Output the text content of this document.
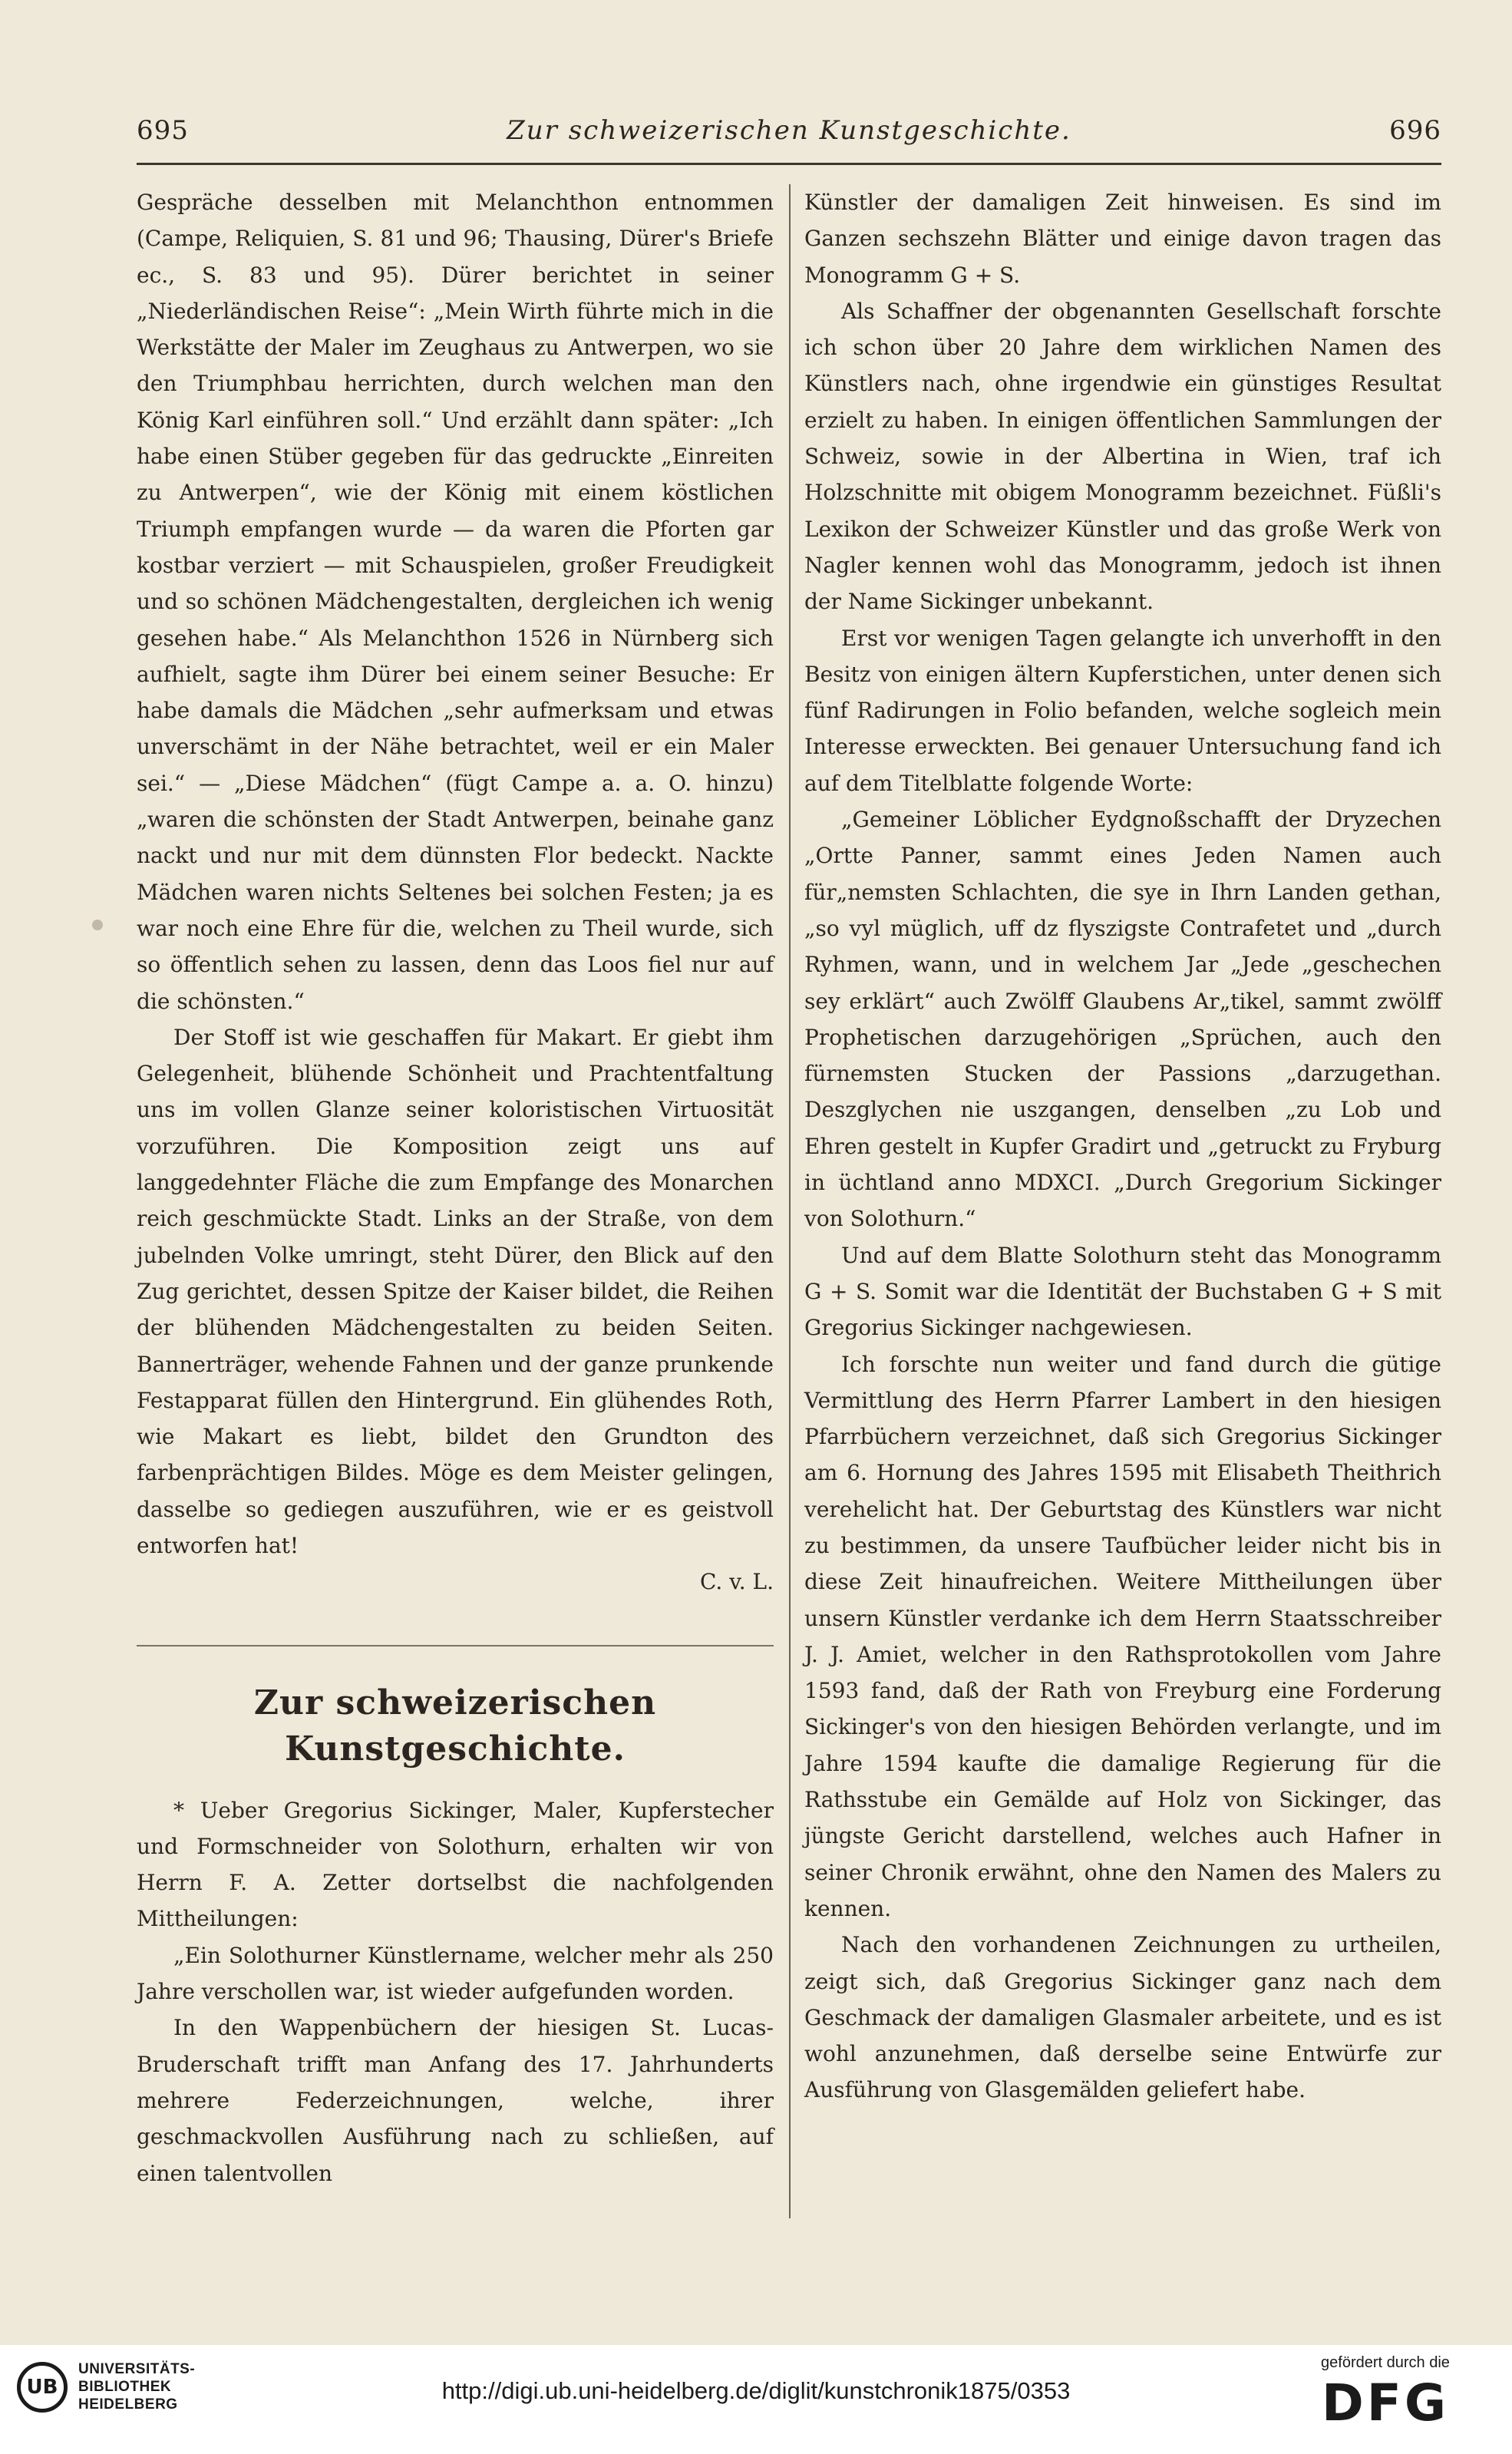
695	Zur schweizerischen Kunstgeschichte.	696

Gespräche desselben mit Melanchthon entnommen (Campe, Reliquien, S. 81 und 96; Thausing, Dürer's Briefe ec., S. 83 und 95). Dürer berichtet in seiner „Niederländischen Reise“: „Mein Wirth führte mich in die Werkstätte der Maler im Zeughaus zu Antwerpen, wo sie den Triumphbau herrichten, durch welchen man den König Karl einführen soll.“ Und erzählt dann später: „Ich habe einen Stüber gegeben für das gedruckte „Einreiten zu Antwerpen“, wie der König mit einem köstlichen Triumph empfangen wurde — da waren die Pforten gar kostbar verziert — mit Schauspielen, großer Freudigkeit und so schönen Mädchengestalten, dergleichen ich wenig gesehen habe.“ Als Melanchthon 1526 in Nürnberg sich aufhielt, sagte ihm Dürer bei einem seiner Besuche: Er habe damals die Mädchen „sehr aufmerksam und etwas unverschämt in der Nähe betrachtet, weil er ein Maler sei.“ — „Diese Mädchen“ (fügt Campe a. a. O. hinzu) „waren die schönsten der Stadt Antwerpen, beinahe ganz nackt und nur mit dem dünnsten Flor bedeckt. Nackte Mädchen waren nichts Seltenes bei solchen Festen; ja es war noch eine Ehre für die, welchen zu Theil wurde, sich so öffentlich sehen zu lassen, denn das Loos fiel nur auf die schönsten.“

Der Stoff ist wie geschaffen für Makart. Er giebt ihm Gelegenheit, blühende Schönheit und Prachtentfaltung uns im vollen Glanze seiner koloristischen Virtuosität vorzuführen. Die Komposition zeigt uns auf langgedehnter Fläche die zum Empfange des Monarchen reich geschmückte Stadt. Links an der Straße, von dem jubelnden Volke umringt, steht Dürer, den Blick auf den Zug gerichtet, dessen Spitze der Kaiser bildet, die Reihen der blühenden Mädchengestalten zu beiden Seiten. Bannerträger, wehende Fahnen und der ganze prunkende Festapparat füllen den Hintergrund. Ein glühendes Roth, wie Makart es liebt, bildet den Grundton des farbenprächtigen Bildes. Möge es dem Meister gelingen, dasselbe so gediegen auszuführen, wie er es geistvoll entworfen hat!

C. v. L.

Zur schweizerischen Kunstgeschichte.

* Ueber Gregorius Sickinger, Maler, Kupferstecher und Formschneider von Solothurn, erhalten wir von Herrn F. A. Zetter dortselbst die nachfolgenden Mittheilungen:

„Ein Solothurner Künstlername, welcher mehr als 250 Jahre verschollen war, ist wieder aufgefunden worden.

In den Wappenbüchern der hiesigen St. Lucas-Bruderschaft trifft man Anfang des 17. Jahrhunderts mehrere Federzeichnungen, welche, ihrer geschmackvollen Ausführung nach zu schließen, auf einen talentvollen

Künstler der damaligen Zeit hinweisen. Es sind im Ganzen sechszehn Blätter und einige davon tragen das Monogramm G + S.

Als Schaffner der obgenannten Gesellschaft forschte ich schon über 20 Jahre dem wirklichen Namen des Künstlers nach, ohne irgendwie ein günstiges Resultat erzielt zu haben. In einigen öffentlichen Sammlungen der Schweiz, sowie in der Albertina in Wien, traf ich Holzschnitte mit obigem Monogramm bezeichnet. Füßli's Lexikon der Schweizer Künstler und das große Werk von Nagler kennen wohl das Monogramm, jedoch ist ihnen der Name Sickinger unbekannt.

Erst vor wenigen Tagen gelangte ich unverhofft in den Besitz von einigen ältern Kupferstichen, unter denen sich fünf Radirungen in Folio befanden, welche sogleich mein Interesse erweckten. Bei genauer Untersuchung fand ich auf dem Titelblatte folgende Worte:

„Gemeiner Löblicher Eydgnoßschafft der Dryzechen „Ortte Panner, sammt eines Jeden Namen auch für„nemsten Schlachten, die sye in Ihrn Landen gethan, „so vyl müglich, uff dz flyszigste Contrafetet und „durch Ryhmen, wann, und in welchem Jar „Jede „geschechen sey erklärt“ auch Zwölff Glaubens Ar„tikel, sammt zwölff Prophetischen darzugehörigen „Sprüchen, auch den fürnemsten Stucken der Passions „darzugethan. Deszglychen nie uszgangen, denselben „zu Lob und Ehren gestelt in Kupfer Gradirt und „getruckt zu Fryburg in üchtland anno MDXCI. „Durch Gregorium Sickinger von Solothurn.“

Und auf dem Blatte Solothurn steht das Monogramm G + S. Somit war die Identität der Buchstaben G + S mit Gregorius Sickinger nachgewiesen.

Ich forschte nun weiter und fand durch die gütige Vermittlung des Herrn Pfarrer Lambert in den hiesigen Pfarrbüchern verzeichnet, daß sich Gregorius Sickinger am 6. Hornung des Jahres 1595 mit Elisabeth Theithrich verehelicht hat. Der Geburtstag des Künstlers war nicht zu bestimmen, da unsere Taufbücher leider nicht bis in diese Zeit hinaufreichen. Weitere Mittheilungen über unsern Künstler verdanke ich dem Herrn Staatsschreiber J. J. Amiet, welcher in den Rathsprotokollen vom Jahre 1593 fand, daß der Rath von Freyburg eine Forderung Sickinger's von den hiesigen Behörden verlangte, und im Jahre 1594 kaufte die damalige Regierung für die Rathsstube ein Gemälde auf Holz von Sickinger, das jüngste Gericht darstellend, welches auch Hafner in seiner Chronik erwähnt, ohne den Namen des Malers zu kennen.

Nach den vorhandenen Zeichnungen zu urtheilen, zeigt sich, daß Gregorius Sickinger ganz nach dem Geschmack der damaligen Glasmaler arbeitete, und es ist wohl anzunehmen, daß derselbe seine Entwürfe zur Ausführung von Glasgemälden geliefert habe.

UB
UNIVERSITÄTS-
BIBLIOTHEK
HEIDELBERG
http://digi.ub.uni-heidelberg.de/diglit/kunstchronik1875/0353
gefördert durch die
DFG
